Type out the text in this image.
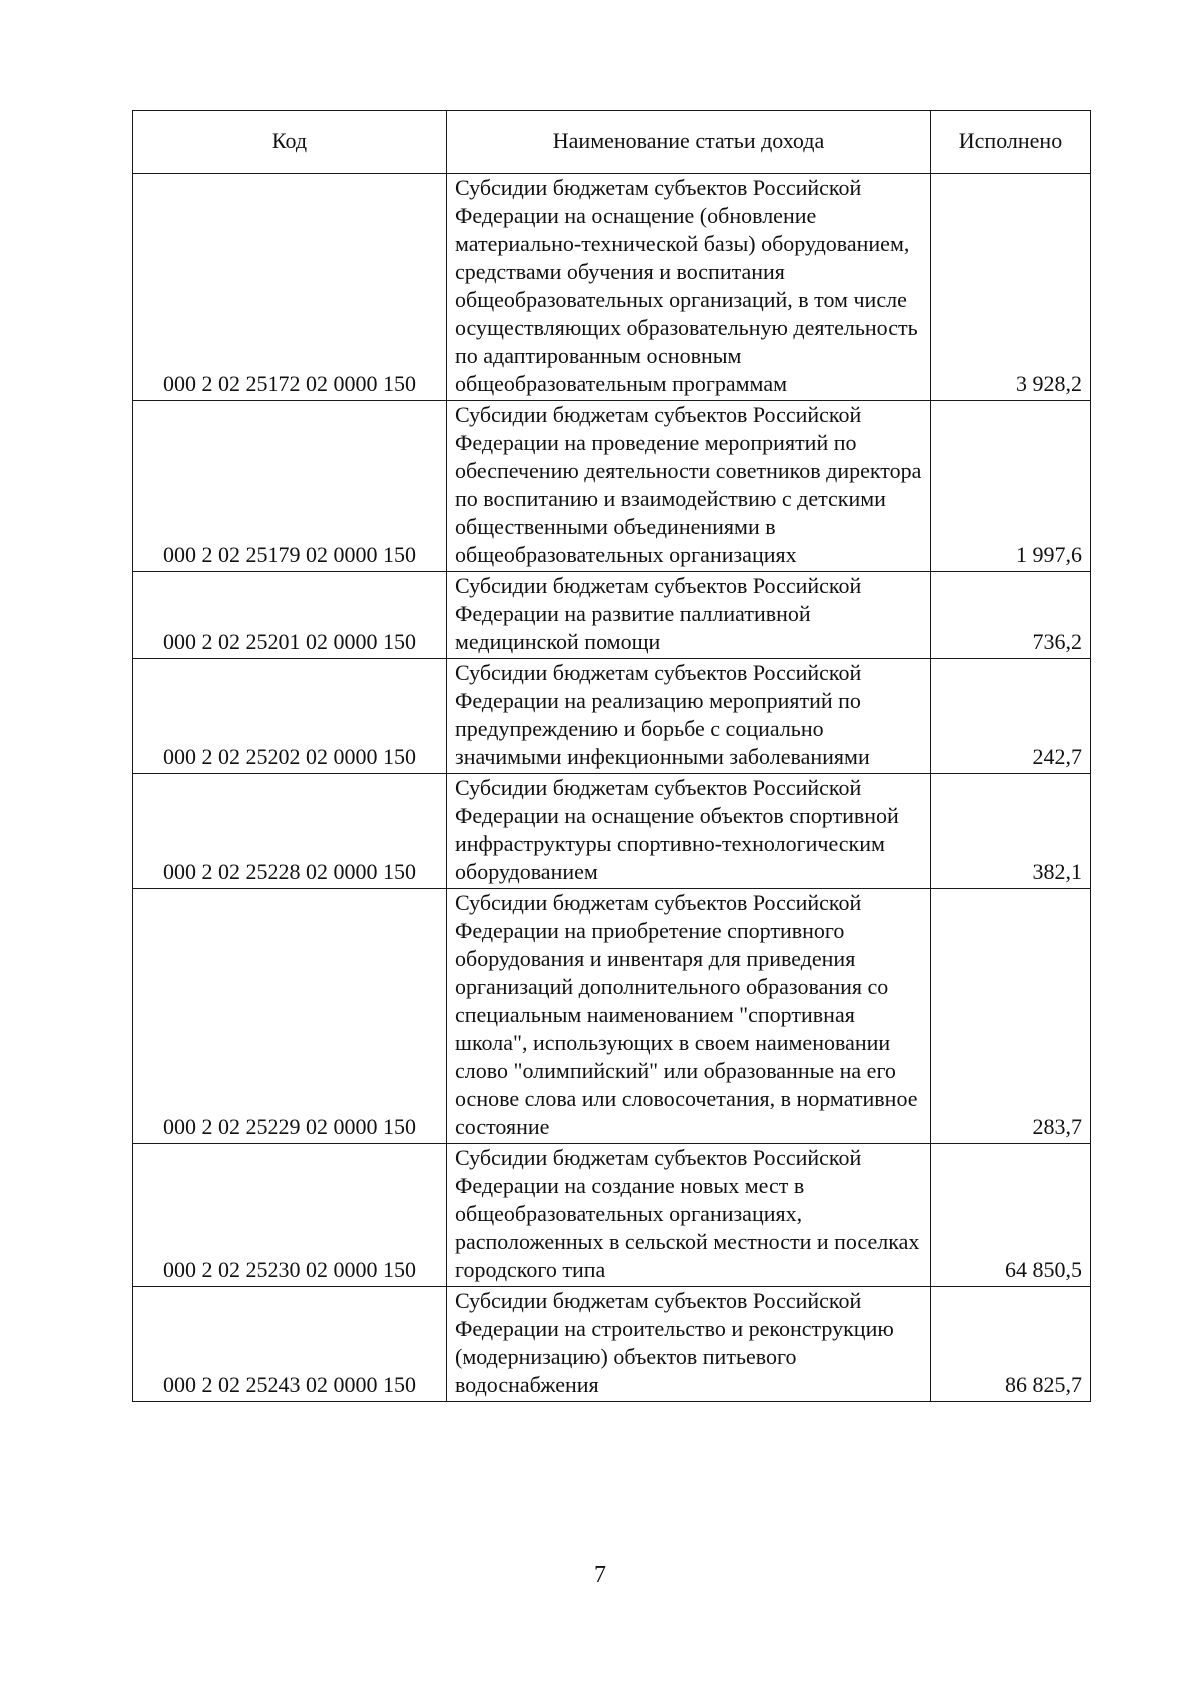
Код	Наименование статьи дохода	Исполнено
000 2 02 25172 02 0000 150	Субсидии бюджетам субъектов Российской Федерации на оснащение (обновление материально-технической базы) оборудованием, средствами обучения и воспитания общеобразовательных организаций, в том числе осуществляющих образовательную деятельность по адаптированным основным общеобразовательным программам	3 928,2
000 2 02 25179 02 0000 150	Субсидии бюджетам субъектов Российской Федерации на проведение мероприятий по обеспечению деятельности советников директора по воспитанию и взаимодействию с детскими общественными объединениями в общеобразовательных организациях	1 997,6
000 2 02 25201 02 0000 150	Субсидии бюджетам субъектов Российской Федерации на развитие паллиативной медицинской помощи	736,2
000 2 02 25202 02 0000 150	Субсидии бюджетам субъектов Российской Федерации на реализацию мероприятий по предупреждению и борьбе с социально значимыми инфекционными заболеваниями	242,7
000 2 02 25228 02 0000 150	Субсидии бюджетам субъектов Российской Федерации на оснащение объектов спортивной инфраструктуры спортивно-технологическим оборудованием	382,1
000 2 02 25229 02 0000 150	Субсидии бюджетам субъектов Российской Федерации на приобретение спортивного оборудования и инвентаря для приведения организаций дополнительного образования со специальным наименованием "спортивная школа", использующих в своем наименовании слово "олимпийский" или образованные на его основе слова или словосочетания, в нормативное состояние	283,7
000 2 02 25230 02 0000 150	Субсидии бюджетам субъектов Российской Федерации на создание новых мест в общеобразовательных организациях, расположенных в сельской местности и поселках городского типа	64 850,5
000 2 02 25243 02 0000 150	Субсидии бюджетам субъектов Российской Федерации на строительство и реконструкцию (модернизацию) объектов питьевого водоснабжения	86 825,7
7
